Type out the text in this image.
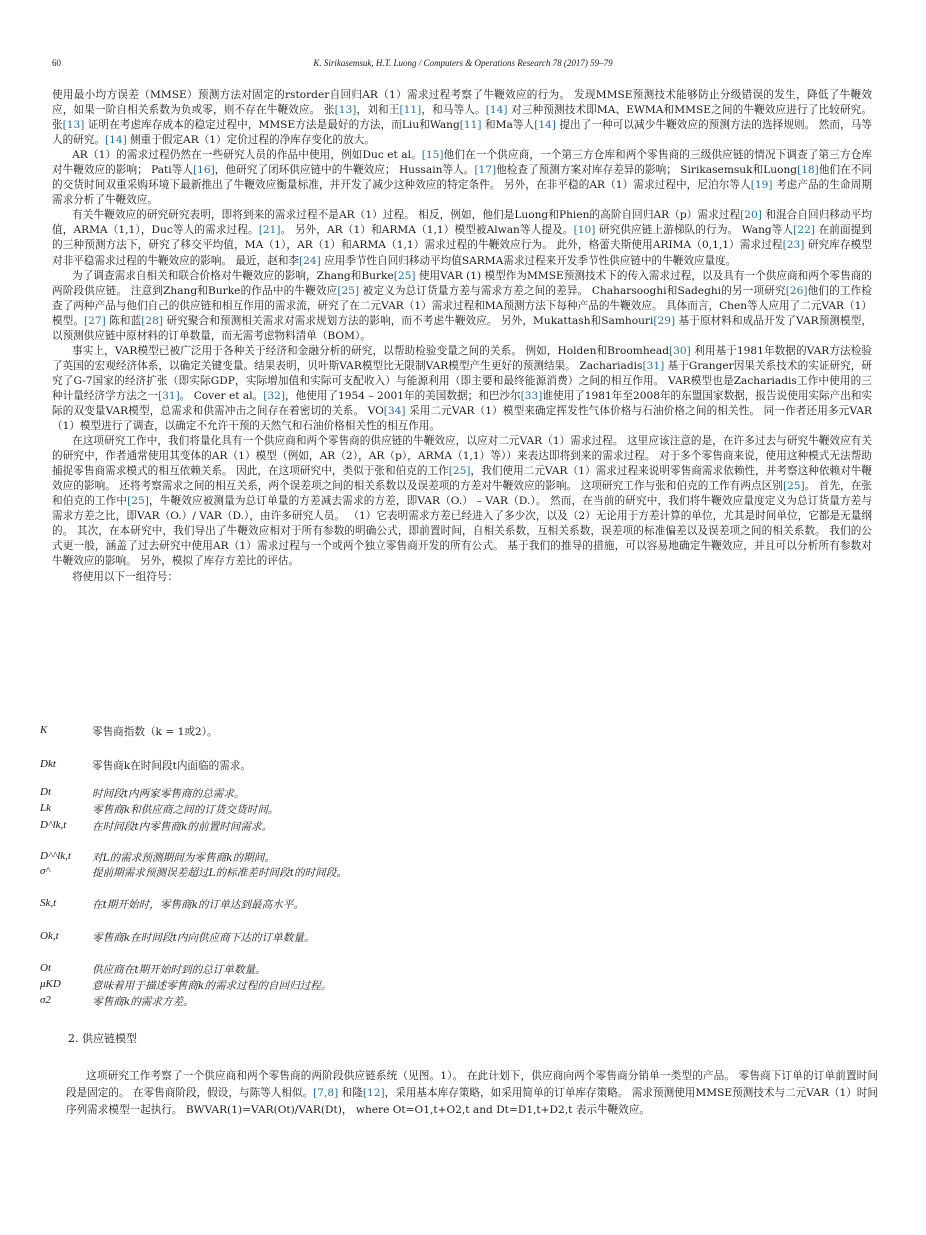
60	K. Sirikasemsuk, H.T. Luong / Computers & Operations Research 78 (2017) 59–79

使用最小均方误差（MMSE）预测方法对固定的rstorder自回归AR（1）需求过程考察了牛鞭效应的行为。 发现MMSE预测技术能够防止分级错误的发生，降低了牛鞭效应，如果一阶自相关系数为负或零，则不存在牛鞭效应。 张[13]，刘和王[11]，和马等人。[14] 对三种预测技术即MA、EWMA和MMSE之间的牛鞭效应进行了比较研究。 张[13] 证明在考虑库存成本的稳定过程中，MMSE方法是最好的方法，而Liu和Wang[11] 和Ma等人[14] 提出了一种可以减少牛鞭效应的预测方法的选择规则。 然而，马等人的研究。[14] 侧重于假定AR（1）定价过程的净库存变化的放大。

AR（1）的需求过程仍然在一些研究人员的作品中使用，例如Duc et al。[15]他们在一个供应商，一个第三方仓库和两个零售商的三级供应链的情况下调查了第三方仓库对牛鞭效应的影响； Pati等人[16]，他研究了闭环供应链中的牛鞭效应； Hussain等人。[17]他检查了预测方案对库存差异的影响； Sirikasemsuk和Luong[18]他们在不同的交货时间双重采购环境下最新推出了牛鞭效应衡量标准，并开发了减少这种效应的特定条件。 另外，在非平稳的AR（1）需求过程中，尼泊尔等人[19] 考虑产品的生命周期需求分析了牛鞭效应。

有关牛鞭效应的研究研究表明，即将到来的需求过程不是AR（1）过程。 相反，例如，他们是Luong和Phien的高阶自回归AR（p）需求过程[20] 和混合自回归移动平均值，ARMA（1,1），Duc等人的需求过程。[21]。 另外，AR（1）和ARMA（1,1）模型被Alwan等人提及。[10] 研究供应链上游梯队的行为。 Wang等人[22] 在前面提到的三种预测方法下，研究了移交平均值，MA（1），AR（1）和ARMA（1,1）需求过程的牛鞭效应行为。 此外，格蕾夫斯使用ARIMA（0,1,1）需求过程[23] 研究库存模型对非平稳需求过程的牛鞭效应的影响。 最近，赵和李[24] 应用季节性自回归移动平均值SARMA需求过程来开发季节性供应链中的牛鞭效应量度。

为了调查需求自相关和联合价格对牛鞭效应的影响，Zhang和Burke[25] 使用VAR (1) 模型作为MMSE预测技术下的传入需求过程，以及具有一个供应商和两个零售商的两阶段供应链。 注意到Zhang和Burke的作品中的牛鞭效应[25] 被定义为总订货量方差与需求方差之间的差异。 Chaharsooghi和Sadeghi的另一项研究[26]他们的工作检查了两种产品与他们自己的供应链和相互作用的需求流，研究了在二元VAR（1）需求过程和MA预测方法下每种产品的牛鞭效应。 具体而言，Chen等人应用了二元VAR（1）模型。[27] 陈和蓝[28] 研究聚合和预测相关需求对需求规划方法的影响，而不考虑牛鞭效应。 另外，Mukattash和Samhouri[29] 基于原材料和成品开发了VAR预测模型，以预测供应链中原材料的订单数量，而无需考虑物料清单（BOM）。

事实上，VAR模型已被广泛用于各种关于经济和金融分析的研究，以帮助检验变量之间的关系。 例如，Holden和Broomhead[30] 利用基于1981年数据的VAR方法检验了英国的宏观经济体系，以确定关键变量。结果表明，贝叶斯VAR模型比无限制VAR模型产生更好的预测结果。 Zachariadis[31] 基于Granger因果关系技术的实证研究，研究了G-7国家的经济扩张（即实际GDP，实际增加值和实际可支配收入）与能源利用（即主要和最终能源消费）之间的相互作用。 VAR模型也是Zachariadis工作中使用的三种计量经济学方法之一[31]。 Cover et al。[32]，他使用了1954 – 2001年的美国数据；和巴沙尔[33]谁使用了1981年至2008年的东盟国家数据，报告说使用实际产出和实际的双变量VAR模型，总需求和供需冲击之间存在着密切的关系。 VO[34] 采用二元VAR（1）模型来确定挥发性气体价格与石油价格之间的相关性。 同一作者还用多元VAR（1）模型进行了调查，以确定不允许干预的天然气和石油价格相关性的相互作用。

在这项研究工作中，我们将量化具有一个供应商和两个零售商的供应链的牛鞭效应，以应对二元VAR（1）需求过程。 这里应该注意的是，在许多过去与研究牛鞭效应有关的研究中，作者通常使用其变体的AR（1）模型（例如，AR（2），AR（p），ARMA（1,1）等））来表达即将到来的需求过程。 对于多个零售商来说，使用这种模式无法帮助捕捉零售商需求模式的相互依赖关系。 因此，在这项研究中，类似于张和伯克的工作[25]，我们使用二元VAR（1）需求过程来说明零售商需求依赖性，并考察这种依赖对牛鞭效应的影响。 还将考察需求之间的相互关系，两个误差项之间的相关系数以及误差项的方差对牛鞭效应的影响。 这项研究工作与张和伯克的工作有两点区别[25]。 首先，在张和伯克的工作中[25]，牛鞭效应被测量为总订单量的方差减去需求的方差，即VAR（O.） – VAR（D.）。 然而，在当前的研究中，我们将牛鞭效应量度定义为总订货量方差与需求方差之比，即VAR（O.）/ VAR（D.），由许多研究人员。 （1）它表明需求方差已经进入了多少次，以及（2）无论用于方差计算的单位，尤其是时间单位，它都是无量纲的。 其次，在本研究中，我们导出了牛鞭效应相对于所有参数的明确公式，即前置时间，自相关系数，互相关系数，误差项的标准偏差以及误差项之间的相关系数。 我们的公式更一般，涵盖了过去研究中使用AR（1）需求过程与一个或两个独立零售商开发的所有公式。 基于我们的推导的措施，可以容易地确定牛鞭效应，并且可以分析所有参数对牛鞭效应的影响。 另外，模拟了库存方差比的评估。

将使用以下一组符号：

K	零售商指数（k = 1或2）。
Dkt	零售商k在时间段t内面临的需求。
Dt	时间段t内两家零售商的总需求。
Lk	零售商k和供应商之间的订货交货时间。
D^lk,t 在时间段t内零售商k的前置时间需求。
D^^lk,t 对L的需求预测期间为零售商k的期间。
σ^	提前期需求预测误差超过L的标准差时间段t的时间段。
Sk,t	在t期开始时，零售商k的订单达到最高水平。
Ok,t	零售商k在时间段t内向供应商下达的订单数量。
Ot	供应商在t期开始时到的总订单数量。
μKD	意味着用于描述零售商k的需求过程的自回归过程。
σ2	零售商k的需求方差。
2. 供应链模型

这项研究工作考察了一个供应商和两个零售商的两阶段供应链系统（见图。1）。 在此计划下，供应商向两个零售商分销单一类型的产品。 零售商下订单的订单前置时间段是固定的。 在零售商阶段，假设，与陈等人相似。[7,8] 和隆[12]，采用基本库存策略，如采用简单的订单库存策略。 需求预测使用MMSE预测技术与二元VAR（1）时间序列需求模型一起执行。 BWVAR(1)=VAR(Ot)/VAR(Dt)， where Ot=O1,t+O2,t and Dt=D1,t+D2,t 表示牛鞭效应。
